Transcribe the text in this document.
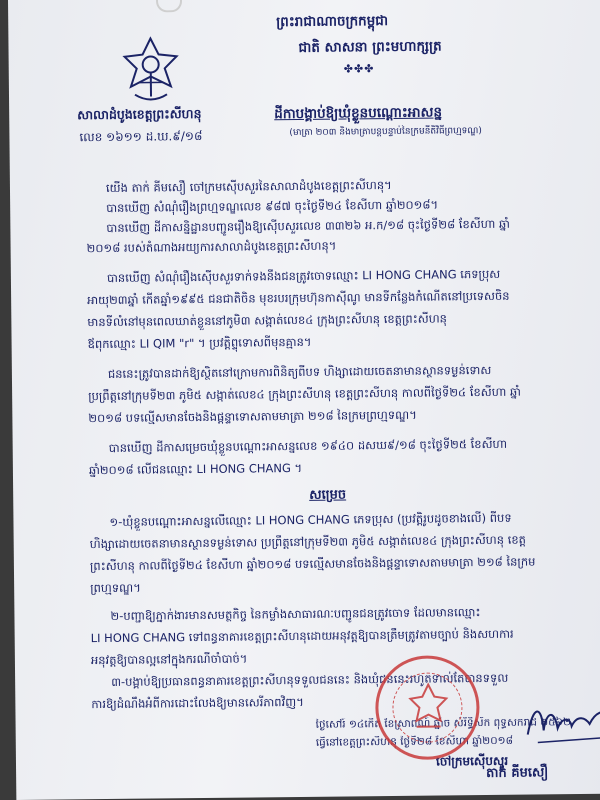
ព្រះរាជាណាចក្រកម្ពុជា
ជាតិ សាសនា ព្រះមហាក្សត្រ
✤✤✤
សាលាដំបូងខេត្តព្រះសីហនុ
លេខ ១៦១១ ដ.ឃ.៩/១៨
ដីកាបង្គាប់ឱ្យឃុំខ្លួនបណ្តោះអាសន្ន
(មាត្រា ២០៣ និងមាត្រាបន្តបន្ទាប់នៃក្រមនីតិវិធីព្រហ្មទណ្ឌ)
យើង តាក់ គីមសឿ ចៅក្រមស៊ើបសួរនៃសាលាដំបូងខេត្តព្រះសីហនុ។
បានឃើញ សំណុំរឿងព្រហ្មទណ្ឌលេខ ៩៨៧ ចុះថ្ងៃទី២៤ ខែសីហា ឆ្នាំ២០១៨។
បានឃើញ ដីកាសន្និដ្ឋានបញ្ជូនរឿងឱ្យស៊ើបសួរលេខ ៣៣២៦ អ.ក/១៨ ចុះថ្ងៃទី២៨ ខែសីហា ឆ្នាំ
២០១៨ របស់តំណាងអយ្យការសាលាដំបូងខេត្តព្រះសីហនុ។
បានឃើញ សំណុំរឿងស៊ើបសួរទាក់ទងនឹងជនត្រូវចោទឈ្មោះ LI HONG CHANG ភេទប្រុស
អាយុ២៣ឆ្នាំ កើតឆ្នាំ១៩៩៥ ជនជាតិចិន មុខរបរក្រុមហ៊ុនកាស៊ីណូ មានទីកន្លែងកំណើតនៅប្រទេសចិន
មានទីលំនៅមុនពេលឃាត់ខ្លួននៅភូមិ៣ សង្កាត់លេខ៤ ក្រុងព្រះសីហនុ ខេត្តព្រះសីហនុ
ឪពុកឈ្មោះ LI QIM "r" ។ ប្រវត្តិព្ទុទោសពីមុនគ្មាន។
ជននេះត្រូវបានដាក់ឱ្យស្ថិតនៅក្រោមការពិនិត្យពីបទ ហិង្សាដោយចេតនាមានស្ថានទម្ងន់ទោស
ប្រព្រឹត្តនៅក្រុមទី២៣ ភូមិ៥ សង្កាត់លេខ៤ ក្រុងព្រះសីហនុ ខេត្តព្រះសីហនុ កាលពីថ្ងៃទី២៤ ខែសីហា ឆ្នាំ
២០១៨ បទល្មើសមានចែងនិងផ្តន្ទាទោសតាមមាត្រា ២១៨ នៃក្រមព្រហ្មទណ្ឌ។
បានឃើញ ដីកាសម្រេចឃុំខ្លួនបណ្តោះអាសន្នលេខ ១៩៤០ ដសឃ៩/១៨ ចុះថ្ងៃទី២៥ ខែសីហា
ឆ្នាំ២០១៨ លើជនឈ្មោះ LI HONG CHANG ។
សម្រេច
១-ឃុំខ្លួនបណ្តោះអាសន្នលើឈ្មោះ LI HONG CHANG ភេទប្រុស (ប្រវត្តិរូបដូចខាងលើ) ពីបទ
ហិង្សាដោយចេតនាមានស្ថានទម្ងន់ទោស ប្រព្រឹត្តនៅក្រុមទី២៣ ភូមិ៥ សង្កាត់លេខ៤ ក្រុងព្រះសីហនុ ខេត្ត
ព្រះសីហនុ កាលពីថ្ងៃទី២៤ ខែសីហា ឆ្នាំ២០១៨ បទល្មើសមានចែងនិងផ្តន្ទាទោសតាមមាត្រា ២១៨ នៃក្រម
ព្រហ្មទណ្ឌ។
២-បញ្ជាឱ្យភ្នាក់ងារមានសមត្ថកិច្ច នៃកម្លាំងសាធារណៈបញ្ជូនជនត្រូវចោទ ដែលមានឈ្មោះ
LI HONG CHANG ទៅពន្ធនាគារខេត្តព្រះសីហនុដោយអនុវត្តឱ្យបានត្រឹមត្រូវតាមច្បាប់ និងសហការ
អនុវត្តឱ្យបានល្អនៅក្នុងករណីចាំបាច់។
៣-បង្គាប់ឱ្យប្រធានពន្ធនាគារខេត្តព្រះសីហនុទទួលជននេះ និងឃុំជននេះរហូតទាល់តែបានទទួល
ការឱ្យដំណឹងអំពីការដោះលែងឱ្យមានសេរីភាពវិញ។
ថ្ងៃសៅរ៍ ១៤កើត ខែស្រាពណ៍ ឆ្នាំច សំរឹទ្ធិស័ក ពុទ្ធសករាជ ២៥៦២
ធ្វើនៅខេត្តព្រះសីហនុ ថ្ងៃទី២៨ ខែសីហា ឆ្នាំ២០១៨
ចៅក្រមស៊ើបសួរ
តាក់ គីមសឿ
